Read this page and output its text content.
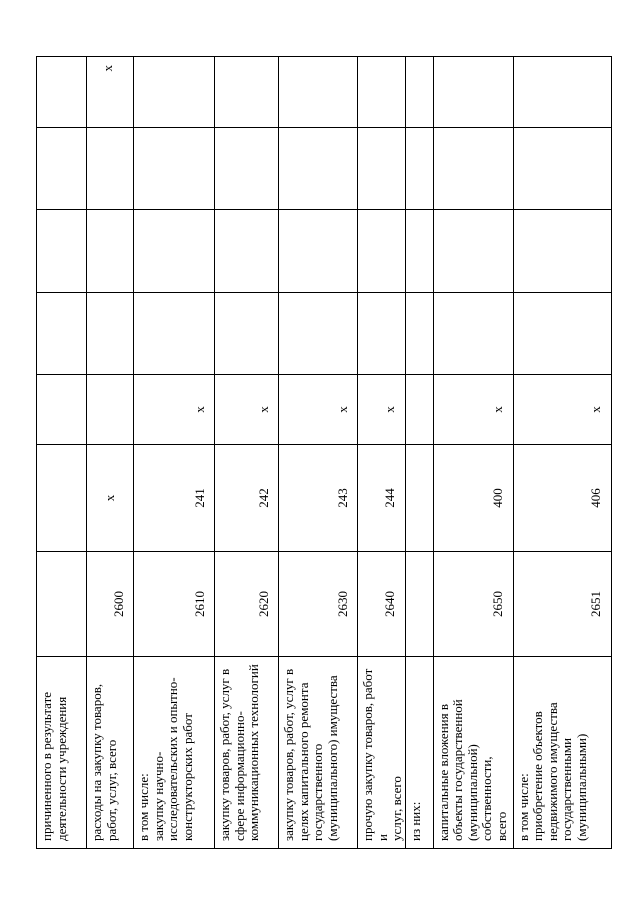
причиненного в результате
деятельности учреждения							

расходы на закупку товаров,
работ, услуг, всего	2600	x					x

в том числе:
закупку научно-
исследовательских и опытно-
конструкторских работ	2610	241	x				

закупку товаров, работ, услуг в
сфере информационно-
коммуникационных технологий	2620	242	x				

закупку товаров, работ, услуг в
целях капитального ремонта
государственного
(муниципального) имущества	2630	243	x				

прочую закупку товаров, работ и
услуг, всего	2640	244	x				

из них:							

капитальные вложения в
объекты государственной
(муниципальной) собственности,
всего	2650	400	x				

в том числе:
приобретение объектов
недвижимого имущества
государственными
(муниципальными)	2651	406	x				
